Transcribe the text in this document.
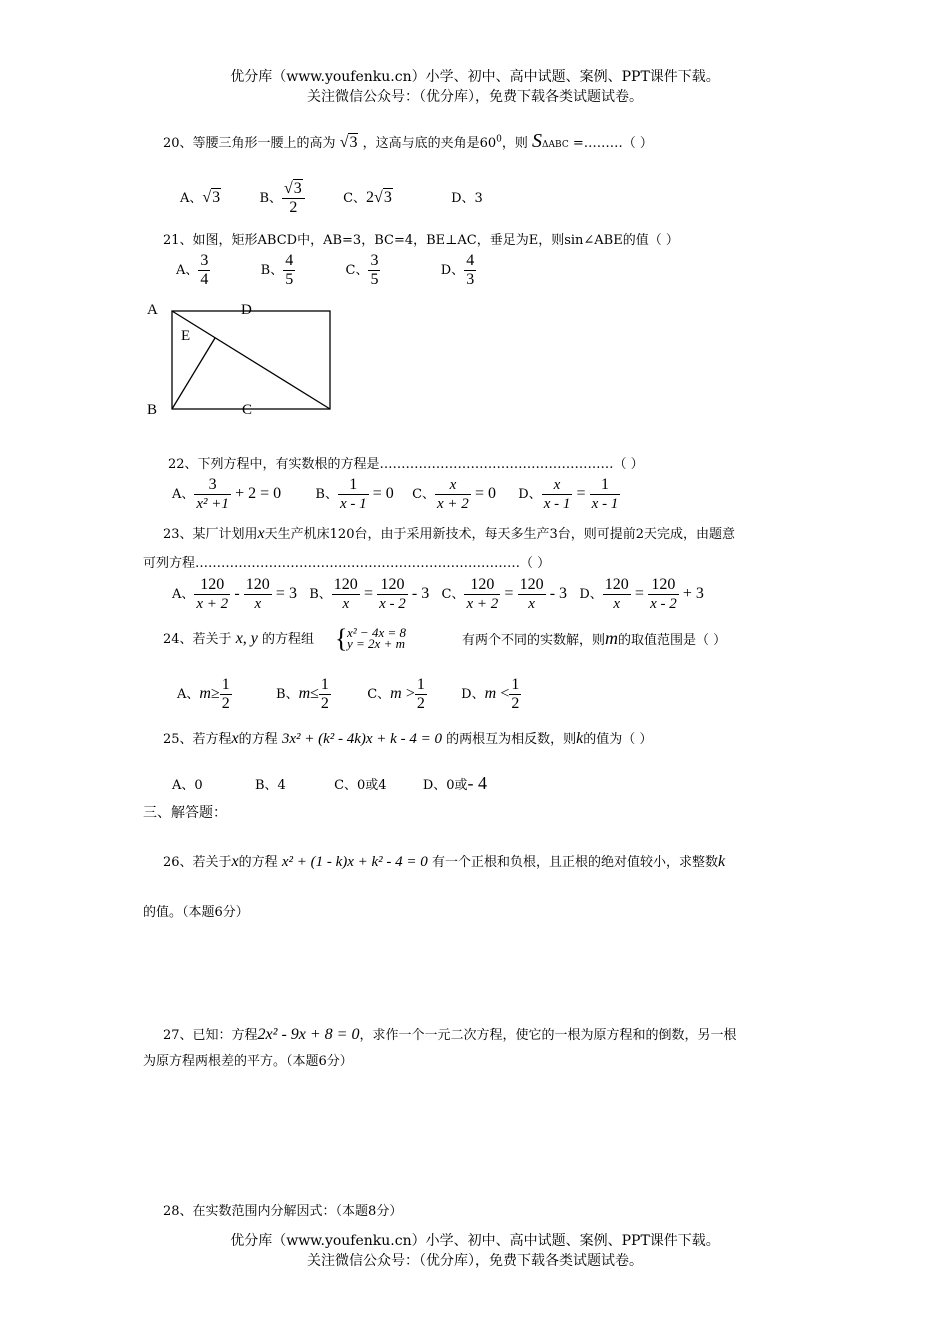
优分库（www.youfenku.cn）小学、初中、高中试题、案例、PPT课件下载。
关注微信公众号：（优分库），免费下载各类试题试卷。
20、等腰三角形一腰上的高为 √3 ，这高与底的夹角是$60^0$，则 SΔABC =………（ ）
A、√3	B、 $\frac{√3}{2}$	C、2√3	D、3
21、如图，矩形ABCD中，AB=3，BC=4，BE⊥AC，垂足为E，则sin∠ABE的值（ ）
A、 $\frac{3}{4}$	B、 $\frac{4}{5}$	C、 $\frac{3}{5}$	D、 $\frac{4}{3}$
A	D
E
B	C
22、下列方程中，有实数根的方程是………………………………………………（ ）
A、 $\frac{3}{\text{x² +1}} + 2 = 0$	B、 $\frac{1}{x - 1} = 0$ C、 $\frac{x}{x + 2} = 0$ D、 $\frac{x}{x - 1} = \frac{1}{x - 1}$
23、某厂计划用x天生产机床120台，由于采用新技术，每天多生产3台，则可提前2天完成，由题意
可列方程…………………………………………………………………（ ）
A、 $\frac{120}{x + 2} - \frac{120}{x} = 3$ B、 $\frac{120}{x} = \frac{120}{x - 2} - 3$ C、 $\frac{120}{x + 2} = \frac{120}{x} - 3$ D、 $\frac{120}{x} = \frac{120}{x - 2} + 3$
24、若关于 x, y 的方程组 { x² − 4x = 8
y = 2x + m	有两个不同的实数解，则m的取值范围是（ ）
A、$m\ge \frac{1}{2}$	B、$m\le \frac{1}{2}$	C、$m > \frac{1}{2}$	D、$m < \frac{1}{2}$
25、若方程x的方程 3x² + (k² - 4k)x + k - 4 = 0 的两根互为相反数，则k的值为（ ）
A、0	B、4	C、0或4	D、0或- 4
三、解答题：
26、若关于x的方程 x² + (1 - k)x + k² - 4 = 0 有一个正根和负根，且正根的绝对值较小，求整数k
的值。（本题6分）
27、已知：方程2x² - 9x + 8 = 0，求作一个一元二次方程，使它的一根为原方程和的倒数，另一根
为原方程两根差的平方。（本题6分）
28、在实数范围内分解因式：（本题8分）
优分库（www.youfenku.cn）小学、初中、高中试题、案例、PPT课件下载。
关注微信公众号：（优分库），免费下载各类试题试卷。
